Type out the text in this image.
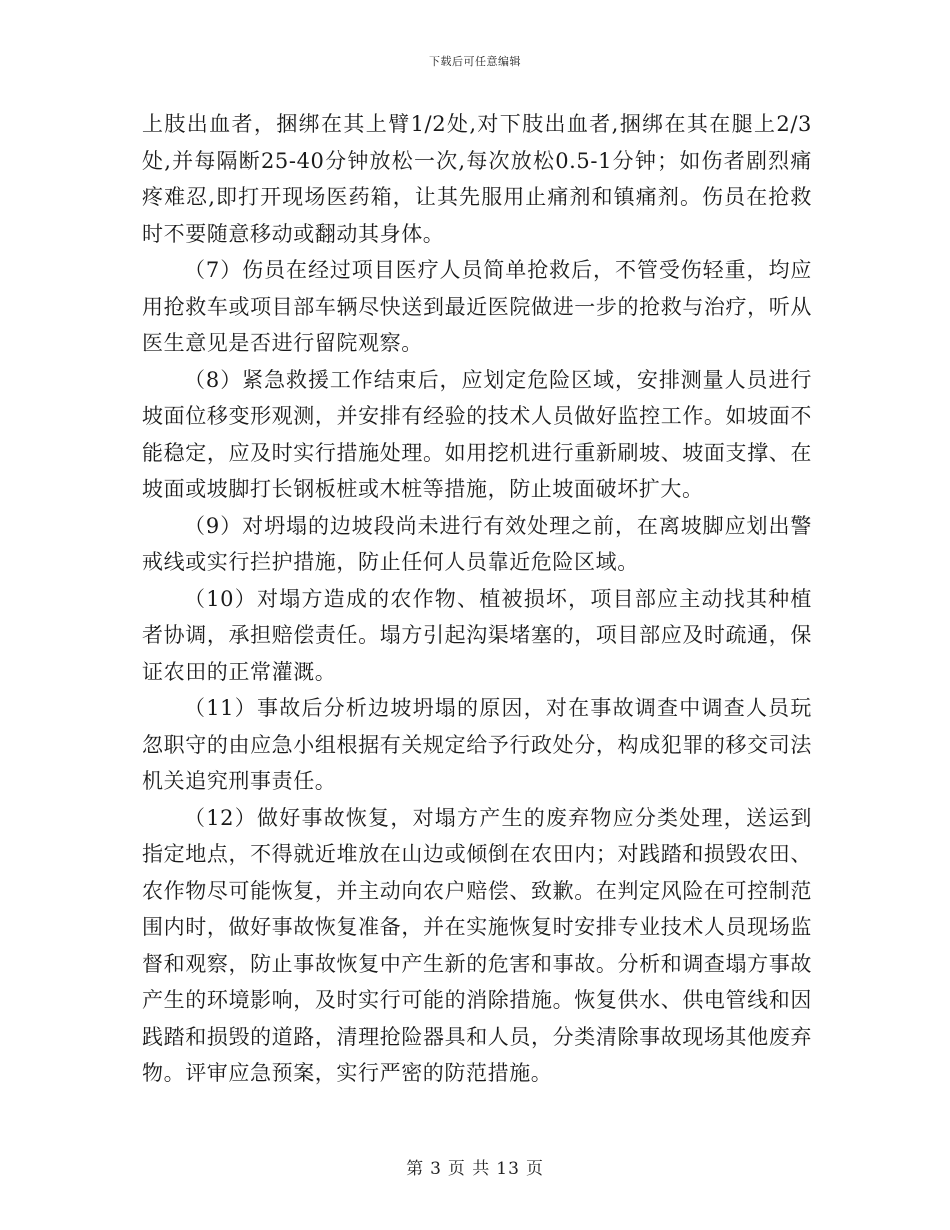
下载后可任意编辑

上肢出血者，捆绑在其上臂1/2处,对下肢出血者,捆绑在其在腿上2/3处,并每隔断25-40分钟放松一次,每次放松0.5-1分钟；如伤者剧烈痛疼难忍,即打开现场医药箱，让其先服用止痛剂和镇痛剂。伤员在抢救时不要随意移动或翻动其身体。

（7）伤员在经过项目医疗人员简单抢救后，不管受伤轻重，均应用抢救车或项目部车辆尽快送到最近医院做进一步的抢救与治疗，听从医生意见是否进行留院观察。

（8）紧急救援工作结束后，应划定危险区域，安排测量人员进行坡面位移变形观测，并安排有经验的技术人员做好监控工作。如坡面不能稳定，应及时实行措施处理。如用挖机进行重新刷坡、坡面支撑、在坡面或坡脚打长钢板桩或木桩等措施，防止坡面破坏扩大。

（9）对坍塌的边坡段尚未进行有效处理之前，在离坡脚应划出警戒线或实行拦护措施，防止任何人员靠近危险区域。

（10）对塌方造成的农作物、植被损坏，项目部应主动找其种植者协调，承担赔偿责任。塌方引起沟渠堵塞的，项目部应及时疏通，保证农田的正常灌溉。

（11）事故后分析边坡坍塌的原因，对在事故调查中调查人员玩忽职守的由应急小组根据有关规定给予行政处分，构成犯罪的移交司法机关追究刑事责任。

（12）做好事故恢复，对塌方产生的废弃物应分类处理，送运到指定地点，不得就近堆放在山边或倾倒在农田内；对践踏和损毁农田、农作物尽可能恢复，并主动向农户赔偿、致歉。在判定风险在可控制范围内时，做好事故恢复准备，并在实施恢复时安排专业技术人员现场监督和观察，防止事故恢复中产生新的危害和事故。分析和调查塌方事故产生的环境影响，及时实行可能的消除措施。恢复供水、供电管线和因践踏和损毁的道路，清理抢险器具和人员，分类清除事故现场其他废弃物。评审应急预案，实行严密的防范措施。

第 3 页 共 13 页
